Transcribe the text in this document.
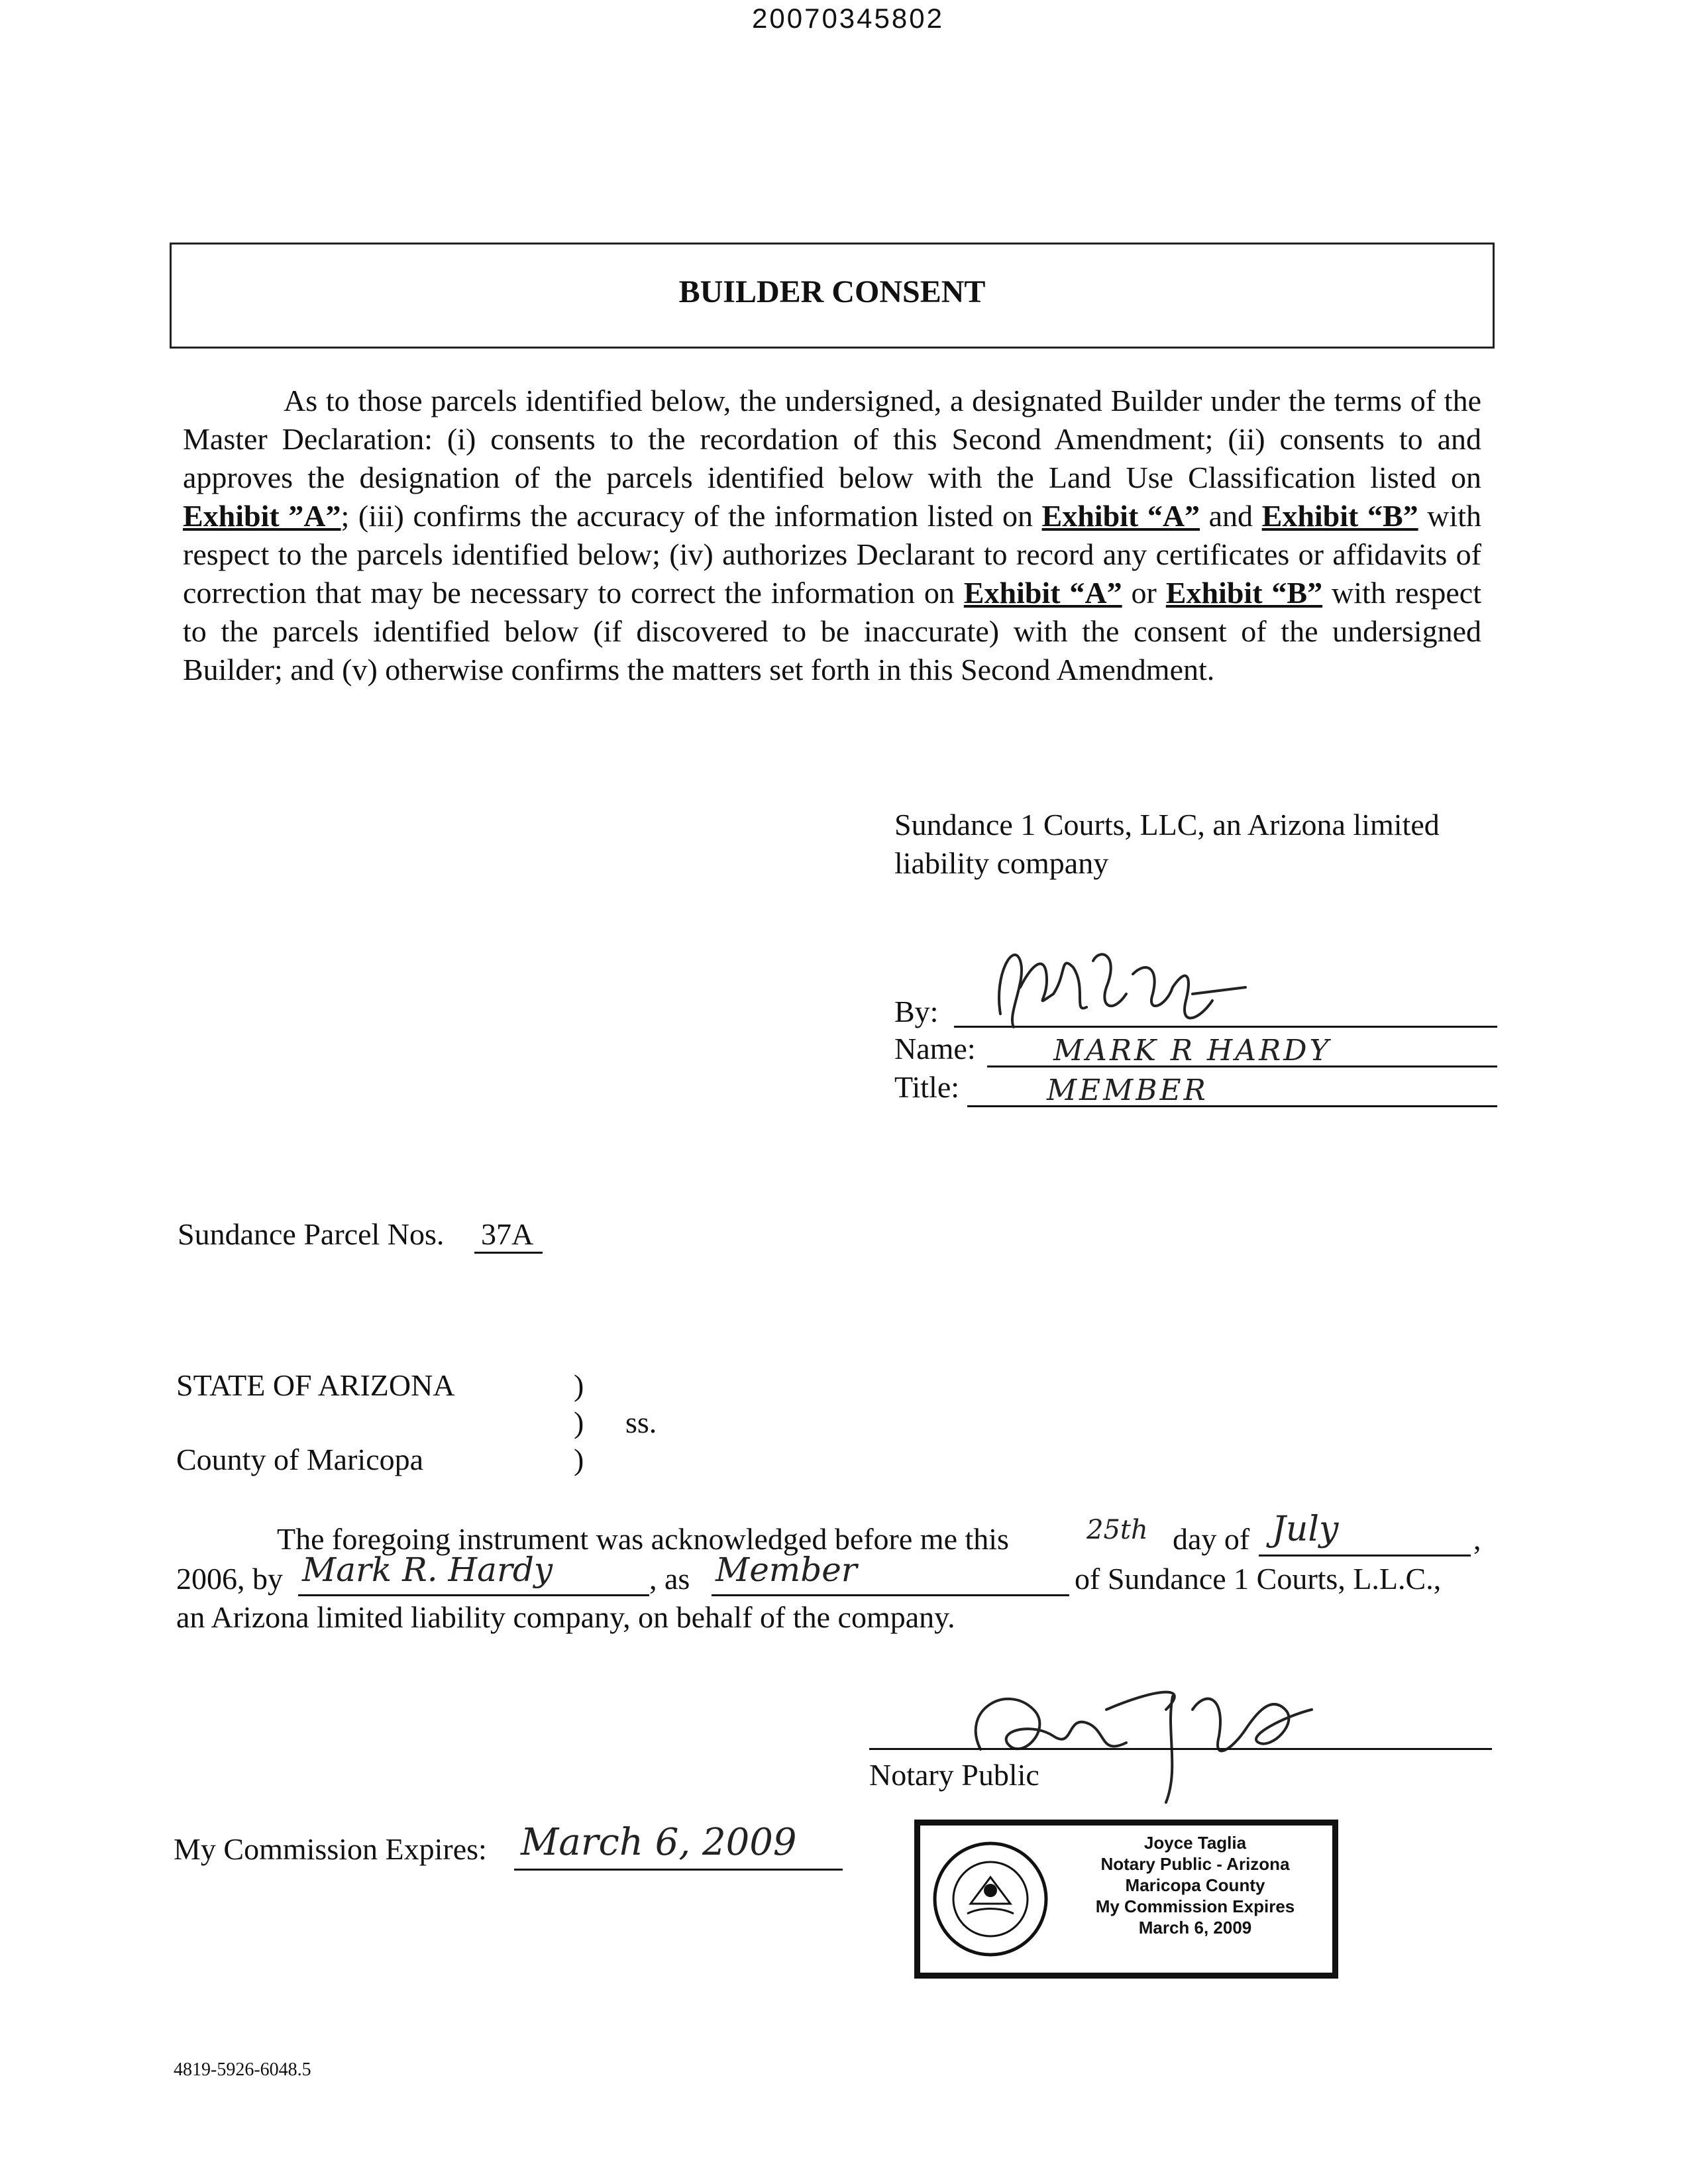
20070345802
BUILDER CONSENT

As to those parcels identified below, the undersigned, a designated Builder under the terms of the Master Declaration: (i) consents to the recordation of this Second Amendment; (ii) consents to and approves the designation of the parcels identified below with the Land Use Classification listed on Exhibit ”A”; (iii) confirms the accuracy of the information listed on Exhibit “A” and Exhibit “B” with respect to the parcels identified below; (iv) authorizes Declarant to record any certificates or affidavits of correction that may be necessary to correct the information on Exhibit “A” or Exhibit “B” with respect to the parcels identified below (if discovered to be inaccurate) with the consent of the undersigned Builder; and (v) otherwise confirms the matters set forth in this Second Amendment.

Sundance 1 Courts, LLC, an Arizona limited
liability company
By:
Name:	MARK R HARDY
Title:	MEMBER
Sundance Parcel Nos. 37A
STATE OF ARIZONA	)
) ss.
County of Maricopa	)
The foregoing instrument was acknowledged before me this	25th day of July	,
2006, by Mark R. Hardy	, as Member	of Sundance 1 Courts, L.L.C.,
an Arizona limited liability company, on behalf of the company.
Notary Public
My Commission Expires: March 6, 2009	Joyce Taglia
Notary Public - Arizona
Maricopa County
My Commission Expires
March 6, 2009
4819-5926-6048.5
